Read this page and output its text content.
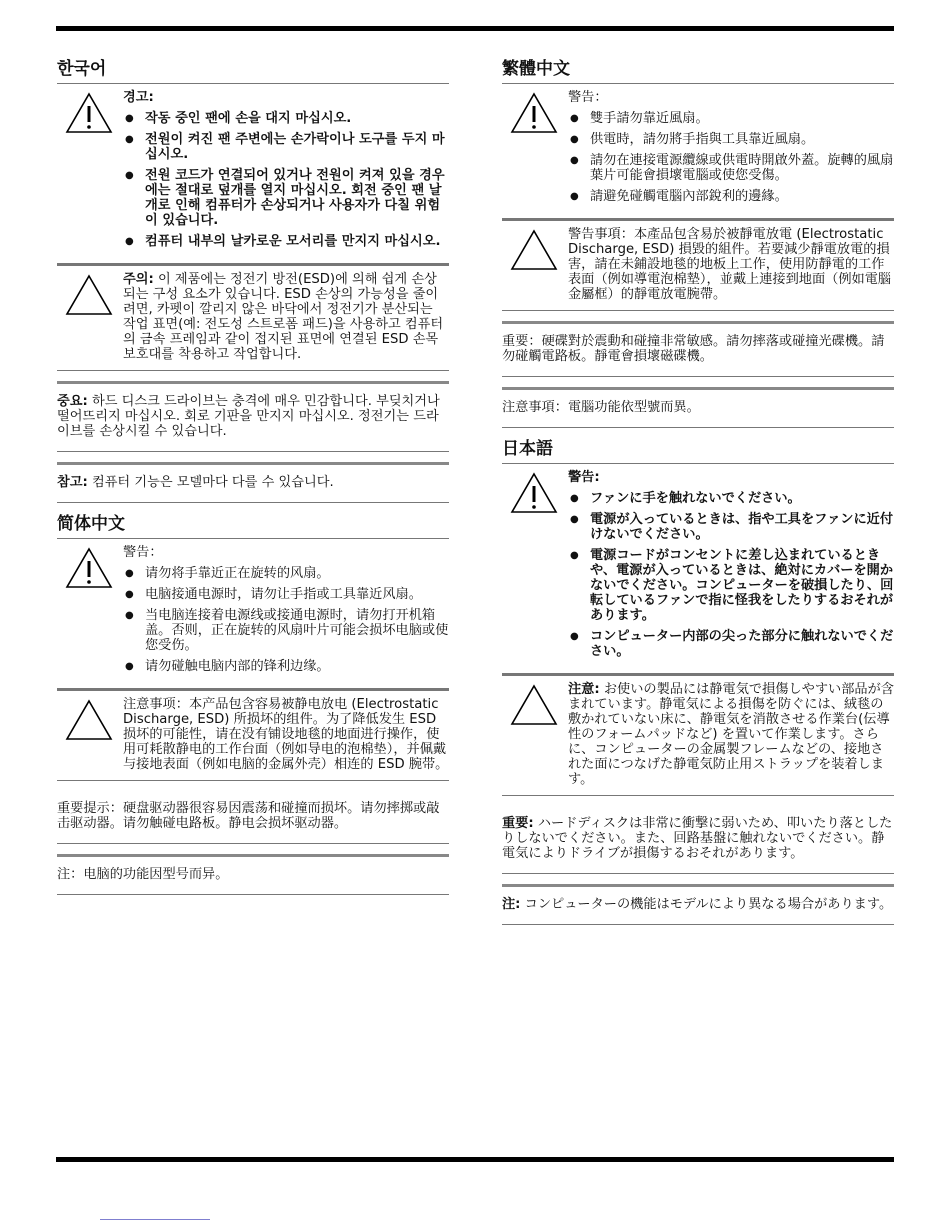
한국어

경고:

● 작동 중인 팬에 손을 대지 마십시오.
● 전원이 켜진 팬 주변에는 손가락이나 도구를 두지 마십시오.
● 전원 코드가 연결되어 있거나 전원이 켜져 있을 경우에는 절대로 덮개를 열지 마십시오. 회전 중인 팬 날개로 인해 컴퓨터가 손상되거나 사용자가 다칠 위험이 있습니다.
● 컴퓨터 내부의 날카로운 모서리를 만지지 마십시오.

주의: 이 제품에는 정전기 방전(ESD)에 의해 쉽게 손상되는 구성 요소가 있습니다. ESD 손상의 가능성을 줄이려면, 카펫이 깔리지 않은 바닥에서 정전기가 분산되는 작업 표면(예: 전도성 스트로폼 패드)을 사용하고 컴퓨터의 금속 프레임과 같이 접지된 표면에 연결된 ESD 손목 보호대를 착용하고 작업합니다.

중요: 하드 디스크 드라이브는 충격에 매우 민감합니다. 부딪치거나 떨어뜨리지 마십시오. 회로 기판을 만지지 마십시오. 정전기는 드라이브를 손상시킬 수 있습니다.
참고: 컴퓨터 기능은 모델마다 다를 수 있습니다.
简体中文

警告：

● 请勿将手靠近正在旋转的风扇。
● 电脑接通电源时，请勿让手指或工具靠近风扇。
● 当电脑连接着电源线或接通电源时，请勿打开机箱盖。否则，正在旋转的风扇叶片可能会损坏电脑或使您受伤。
● 请勿碰触电脑内部的锋利边缘。

注意事项：本产品包含容易被静电放电 (Electrostatic Discharge, ESD) 所损坏的组件。为了降低发生 ESD 损坏的可能性，请在没有铺设地毯的地面进行操作，使用可耗散静电的工作台面（例如导电的泡棉垫），并佩戴与接地表面（例如电脑的金属外壳）相连的 ESD 腕带。

重要提示：硬盘驱动器很容易因震荡和碰撞而损坏。请勿摔掷或敲击驱动器。请勿触碰电路板。静电会损坏驱动器。
注：电脑的功能因型号而异。
繁體中文

警告：

● 雙手請勿靠近風扇。
● 供電時，請勿將手指與工具靠近風扇。
● 請勿在連接電源纜線或供電時開啟外蓋。旋轉的風扇葉片可能會損壞電腦或使您受傷。
● 請避免碰觸電腦內部銳利的邊緣。

警告事項：本產品包含易於被靜電放電 (Electrostatic Discharge, ESD) 損毀的組件。若要減少靜電放電的損害，請在未鋪設地毯的地板上工作，使用防靜電的工作表面（例如導電泡棉墊），並戴上連接到地面（例如電腦金屬框）的靜電放電腕帶。

重要：硬碟對於震動和碰撞非常敏感。請勿摔落或碰撞光碟機。請勿碰觸電路板。靜電會損壞磁碟機。
注意事項：電腦功能依型號而異。
日本語

警告:

● ファンに手を触れないでください。
● 電源が入っているときは、指や工具をファンに近付けないでください。
● 電源コードがコンセントに差し込まれているときや、電源が入っているときは、絶対にカバーを開かないでください。コンピューターを破損したり、回転しているファンで指に怪我をしたりするおそれがあります。
● コンピューター内部の尖った部分に触れないでください。

注意: お使いの製品には静電気で損傷しやすい部品が含まれています。静電気による損傷を防ぐには、絨毯の敷かれていない床に、静電気を消散させる作業台(伝導性のフォームパッドなど) を置いて作業します。さらに、コンピューターの金属製フレームなどの、接地された面につなげた静電気防止用ストラップを装着します。

重要: ハードディスクは非常に衝撃に弱いため、叩いたり落としたりしないでください。また、回路基盤に触れないでください。静電気によりドライブが損傷するおそれがあります。
注: コンピューターの機能はモデルにより異なる場合があります。
